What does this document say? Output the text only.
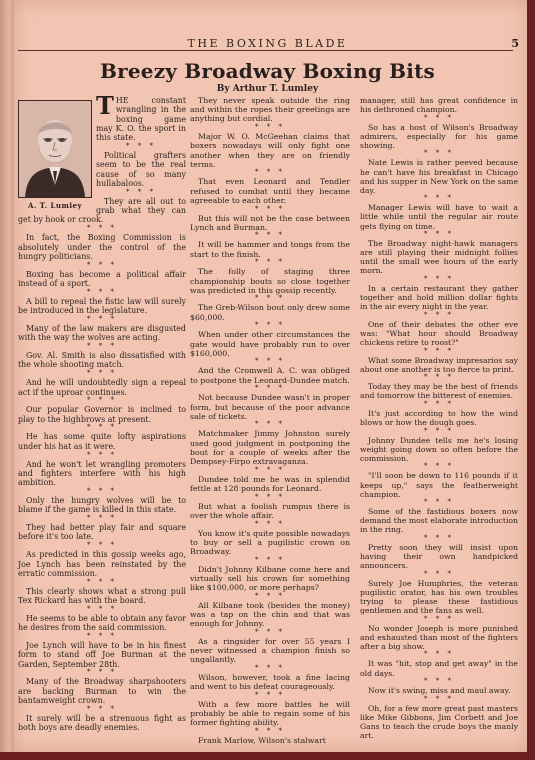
THE BOXING BLADE	5
Breezy Broadway Boxing Bits
By Arthur T. Lumley
A. T. Lumley

THE constant wrangling in the boxing game may K. O. the sport in this state.

* * *

Political grafters seem to be the real cause of so many hullabaloos.

* * *

They are all out to grab what they can get by hook or crook.

* * *

In fact, the Boxing Commission is absolutely under the control of the hungry politicians.

* * *

Boxing has become a political affair instead of a sport.

* * *

A bill to repeal the fistic law will surely be introduced in the legislature.

* * *

Many of the law makers are disgusted with the way the wolves are acting.

* * *

Gov. Al. Smith is also dissatisfied with the whole shooting match.

* * *

And he will undoubtedly sign a repeal act if the uproar continues.

* * *

Our popular Governor is inclined to play to the highbrows at present.

* * *

He has some quite lofty aspirations under his hat as it were.

* * *

And he won't let wrangling promoters and fighters interfere with his high ambition.

* * *

Only the hungry wolves will be to blame if the game is killed in this state.

* * *

They had better play fair and square before it's too late.

* * *

As predicted in this gossip weeks ago, Joe Lynch has been reinstated by the erratic commission.

* * *

This clearly shows what a strong pull Tex Rickard has with the board.

* * *

He seems to be able to obtain any favor he desires from the said commission.

* * *

Joe Lynch will have to be in his finest form to stand off Joe Burman at the Garden, September 28th.

* * *

Many of the Broadway sharpshooters are backing Burman to win the bantamweight crown.

* * *

It surely will be a strenuous fight as both boys are deadly enemies.

They never speak outside the ring and within the ropes their greetings are anything but cordial.

* * *

Major W. O. McGeehan claims that boxers nowadays will only fight one another when they are on friendly terms.

* * *

That even Leonard and Tendler refused to combat until they became agreeable to each other.

* * *

But this will not be the case between Lynch and Burman.

* * *

It will be hammer and tongs from the start to the finish.

* * *

The folly of staging three championship bouts so close together was predicted in this gossip recently.

* * *

The Greb-Wilson bout only drew some $60,000.

* * *

When under other circumstances the gate would have probably run to over $160,000.

* * *

And the Cromwell A. C. was obliged to postpone the Leonard-Dundee match.

* * *

Not because Dundee wasn't in proper form, but because of the poor advance sale of tickets.

* * *

Matchmaker Jimmy Johnston surely used good judgment in postponing the bout for a couple of weeks after the Dempsey-Firpo extravaganza.

* * *

Dundee told me he was in splendid fettle at 128 pounds for Leonard.

* * *

But what a foolish rumpus there is over the whole affair.

* * *

You know it's quite possible nowadays to buy or sell a pugilistic crown on Broadway.

* * *

Didn't Johnny Kilbane come here and virtually sell his crown for something like $100,000, or more perhaps?

* * *

All Kilbane took (besides the money) was a tap on the chin and that was enough for Johnny.

* * *

As a ringsider for over 55 years I never witnessed a champion finish so ungallantly.

* * *

Wilson, however, took a fine lacing and went to his defeat courageously.

* * *

With a few more battles he will probably be able to regain some of his former fighting ability.

* * *

Frank Marlow, Wilson's stalwart

manager, still has great confidence in his dethroned champion.

* * *

So has a host of Wilson's Broadway admirers, especially for his game showing.

* * *

Nate Lewis is rather peeved because he can't have his breakfast in Chicago and his supper in New York on the same day.

* * *

Manager Lewis will have to wait a little while until the regular air route gets flying on time.

* * *

The Broadway night-hawk managers are still playing their midnight follies until the small wee hours of the early morn.

* * *

In a certain restaurant they gather together and hold million dollar fights in the air every night in the year.

* * *

One of their debates the other eve was: "What hour should Broadway chickens retire to roost?"

* * *

What some Broadway impresarios say about one another is too fierce to print.

* * *

Today they may be the best of friends and tomorrow the bitterest of enemies.

* * *

It's just according to how the wind blows or how the dough goes.

* * *

Johnny Dundee tells me he's losing weight going down so often before the commission.

* * *

"I'll soon be down to 116 pounds if it keeps up," says the featherweight champion.

* * *

Some of the fastidious boxers now demand the most elaborate introduction in the ring.

* * *

Pretty soon they will insist upon having their own handpicked announcers.

* * *

Surely Joe Humphries, the veteran pugilistic orator, has his own troubles trying to please these fastidious gentlemen and the fans as well.

* * *

No wonder Joseph is more punished and exhausted than most of the fighters after a big show.

* * *

It was "hit, stop and get away" in the old days.

* * *

Now it's swing, miss and maul away.

* * *

Oh, for a few more great past masters like Mike Gibbons, Jim Corbett and Joe Gans to teach the crude boys the manly art.
